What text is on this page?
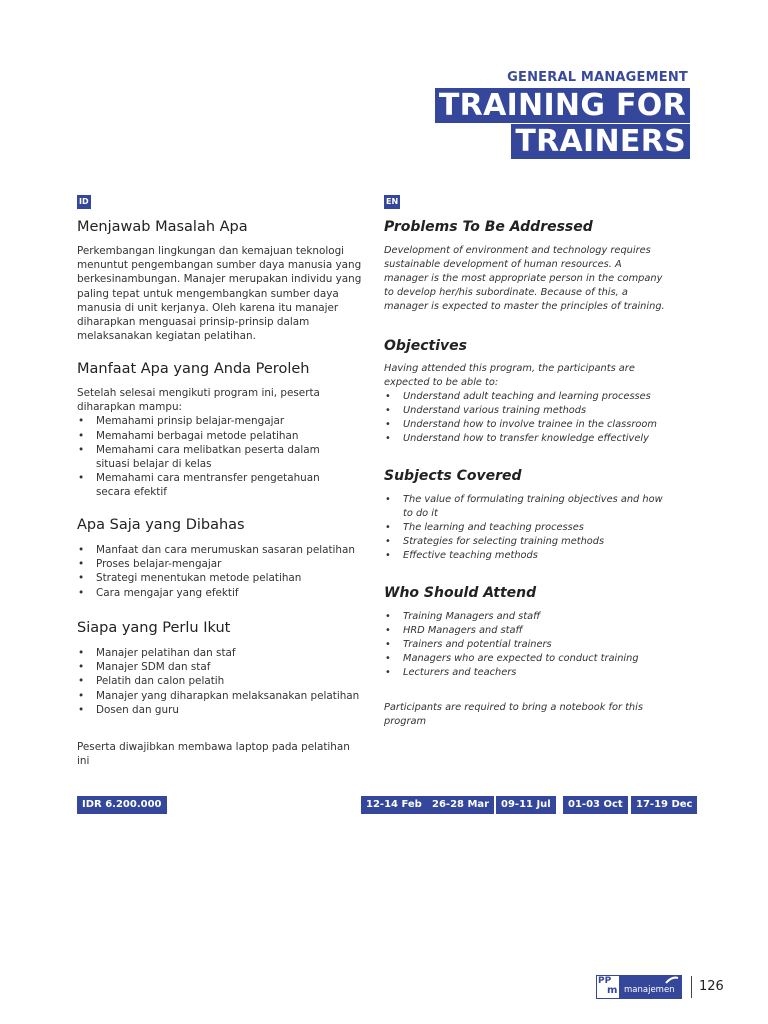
GENERAL MANAGEMENT
TRAINING FOR
TRAINERS
ID
Menjawab Masalah Apa
Perkembangan lingkungan dan kemajuan teknologi menuntut pengembangan sumber daya manusia yang berkesinambungan. Manajer merupakan individu yang paling tepat untuk mengembangkan sumber daya manusia di unit kerjanya. Oleh karena itu manajer diharapkan menguasai prinsip-prinsip dalam melaksanakan kegiatan pelatihan.
Manfaat Apa yang Anda Peroleh
Setelah selesai mengikuti program ini, peserta diharapkan mampu:
• Memahami prinsip belajar-mengajar
• Memahami berbagai metode pelatihan
• Memahami cara melibatkan peserta dalam situasi belajar di kelas
• Memahami cara mentransfer pengetahuan secara efektif
Apa Saja yang Dibahas
• Manfaat dan cara merumuskan sasaran pelatihan
• Proses belajar-mengajar
• Strategi menentukan metode pelatihan
• Cara mengajar yang efektif
Siapa yang Perlu Ikut
• Manajer pelatihan dan staf
• Manajer SDM dan staf
• Pelatih dan calon pelatih
• Manajer yang diharapkan melaksanakan pelatihan
• Dosen dan guru
Peserta diwajibkan membawa laptop pada pelatihan ini
EN
Problems To Be Addressed
Development of environment and technology requires sustainable development of human resources. A manager is the most appropriate person in the company to develop her/his subordinate. Because of this, a manager is expected to master the principles of training.
Objectives
Having attended this program, the participants are expected to be able to:
• Understand adult teaching and learning processes
• Understand various training methods
• Understand how to involve trainee in the classroom
• Understand how to transfer knowledge effectively
Subjects Covered
• The value of formulating training objectives and how to do it
• The learning and teaching processes
• Strategies for selecting training methods
• Effective teaching methods
Who Should Attend
• Training Managers and staff
• HRD Managers and staff
• Trainers and potential trainers
• Managers who are expected to conduct training
• Lecturers and teachers
Participants are required to bring a notebook for this program
IDR 6.200.000	12-14 Feb	26-28 Mar	09-11 Jul	01-03 Oct	17-19 Dec
PP
m manajemen 126
